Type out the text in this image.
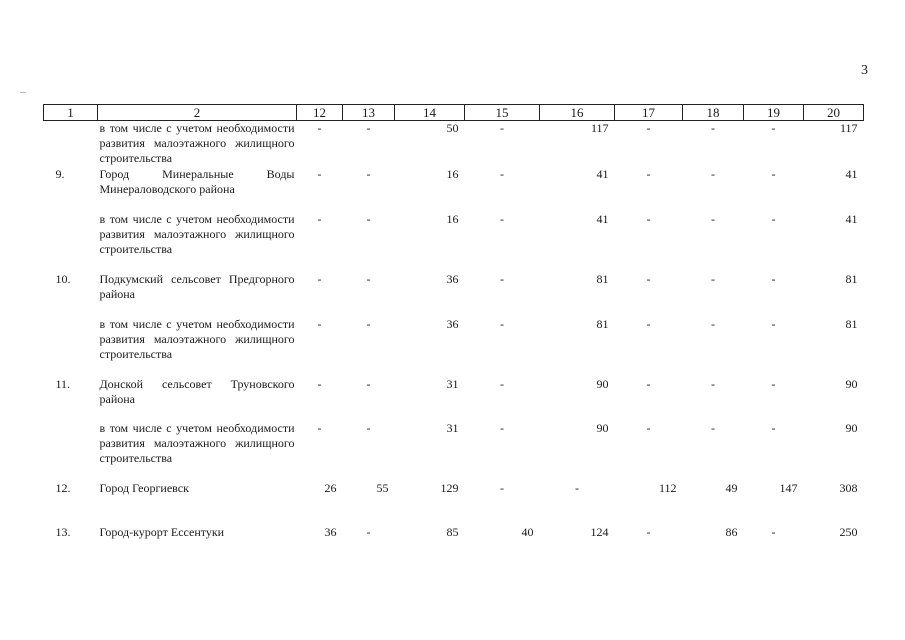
3
1	2	12	13	14	15	16	17	18	19	20
	в том числе с учетом необходимости развития малоэтажного жилищного строительства	-	-	50	-	117	-	-	-	117
9.	Город Минеральные Воды Минераловодского района	-	-	16	-	41	-	-	-	41
	в том числе с учетом необходимости развития малоэтажного жилищного строительства	-	-	16	-	41	-	-	-	41
10.	Подкумский сельсовет Предгорного района	-	-	36	-	81	-	-	-	81
	в том числе с учетом необходимости развития малоэтажного жилищного строительства	-	-	36	-	81	-	-	-	81
11.	Донской сельсовет Труновского района	-	-	31	-	90	-	-	-	90
	в том числе с учетом необходимости развития малоэтажного жилищного строительства	-	-	31	-	90	-	-	-	90
12.	Город Георгиевск	26	55	129	-	-	112	49	147	308
13.	Город-курорт Ессентуки	36	-	85	40	124	-	86	-	250
